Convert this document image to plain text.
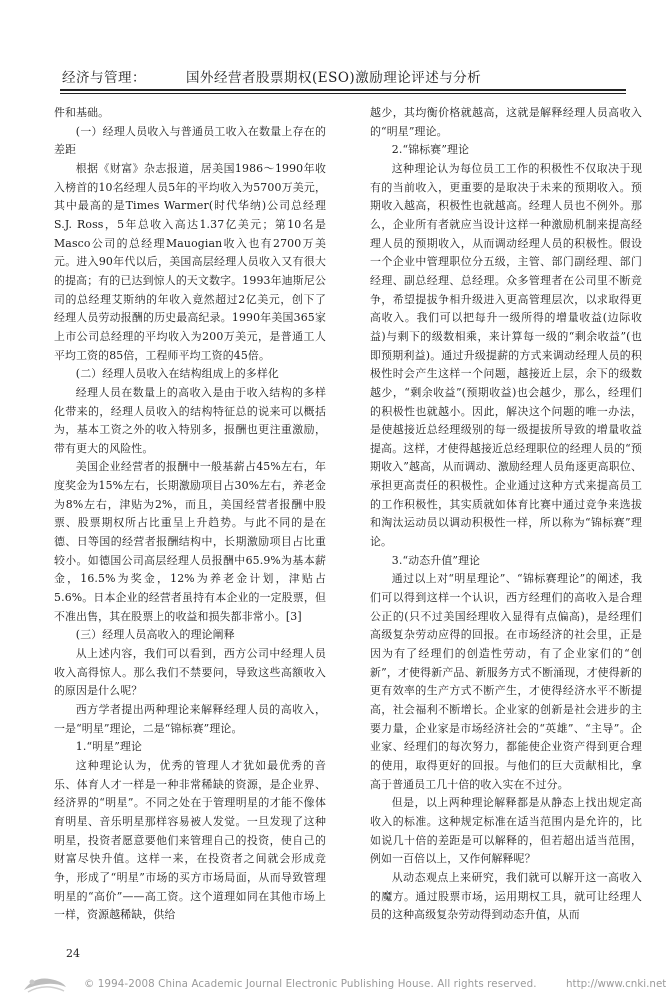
经济与管理：	国外经营者股票期权(ESO)激励理论评述与分析

件和基础。

(一）经理人员收入与普通员工收入在数量上存在的差距

根据《财富》杂志报道，居美国1986～1990年收入榜首的10名经理人员5年的平均收入为5700万美元，其中最高的是Times Warmer(时代华纳)公司总经理S.J. Ross，5年总收入高达1.37亿美元；第10名是Masco公司的总经理Mauogian收入也有2700万美元。进入90年代以后，美国高层经理人员收入又有很大的提高；有的已达到惊人的天文数字。1993年迪斯尼公司的总经理艾斯纳的年收入竟然超过2亿美元，创下了经理人员劳动报酬的历史最高纪录。1990年美国365家上市公司总经理的平均收入为200万美元，是普通工人平均工资的85倍，工程师平均工资的45倍。

(二）经理人员收入在结构组成上的多样化

经理人员在数量上的高收入是由于收入结构的多样化带来的，经理人员收入的结构特征总的说来可以概括为，基本工资之外的收入特别多，报酬也更注重激励，带有更大的风险性。

美国企业经营者的报酬中一般基薪占45%左右，年度奖金为15%左右，长期激励项目占30%左右，养老金为8%左右，津贴为2%，而且，美国经营者报酬中股票、股票期权所占比重呈上升趋势。与此不同的是在德、日等国的经营者报酬结构中，长期激励项目占比重较小。如德国公司高层经理人员报酬中65.9%为基本薪金，16.5%为奖金，12%为养老金计划，津贴占5.6%。日本企业的经营者虽持有本企业的一定股票，但不准出售，其在股票上的收益和损失都非常小。[3]

(三）经理人员高收入的理论阐释

从上述内容，我们可以看到，西方公司中经理人员收入高得惊人。那么我们不禁要问，导致这些高额收入的原因是什么呢？

西方学者提出两种理论来解释经理人员的高收入，一是“明星”理论，二是“锦标赛”理论。

1.“明星”理论

这种理论认为，优秀的管理人才犹如最优秀的音乐、体育人才一样是一种非常稀缺的资源，是企业界、经济界的“明星”。不同之处在于管理明星的才能不像体育明星、音乐明星那样容易被人发觉。一旦发现了这种明星，投资者愿意要他们来管理自己的投资，使自己的财富尽快升值。这样一来，在投资者之间就会形成竞争，形成了“明星”市场的买方市场局面，从而导致管理明星的“高价”——高工资。这个道理如同在其他市场上一样，资源越稀缺，供给

越少，其均衡价格就越高，这就是解释经理人员高收入的“明星”理论。

2.“锦标赛”理论

这种理论认为每位员工工作的积极性不仅取决于现有的当前收入，更重要的是取决于未来的预期收入。预期收入越高，积极性也就越高。经理人员也不例外。那么，企业所有者就应当设计这样一种激励机制来提高经理人员的预期收入，从而调动经理人员的积极性。假设一个企业中管理职位分五级，主管、部门副经理、部门经理、副总经理、总经理。众多管理者在公司里不断竞争，希望提拔争相升级进入更高管理层次，以求取得更高收入。我们可以把每升一级所得的增量收益(边际收益)与剩下的级数相乘，来计算每一级的“剩余收益”(也即预期利益)。通过升级提薪的方式来调动经理人员的积极性时会产生这样一个问题，越接近上层，余下的级数越少，“剩余收益”(预期收益)也会越少，那么，经理们的积极性也就越小。因此，解决这个问题的唯一办法，是使越接近总经理级别的每一级提拔所导致的增量收益提高。这样，才使得越接近总经理职位的经理人员的“预期收入”越高，从而调动、激励经理人员角逐更高职位、承担更高责任的积极性。企业通过这种方式来提高员工的工作积极性，其实质就如体育比赛中通过竞争来选拔和淘汰运动员以调动积极性一样，所以称为“锦标赛”理论。

3.“动态升值”理论

通过以上对“明星理论”、“锦标赛理论”的阐述，我们可以得到这样一个认识，西方经理们的高收入是合理公正的(只不过美国经理收入显得有点偏高)，是经理们高级复杂劳动应得的回报。在市场经济的社会里，正是因为有了经理们的创造性劳动，有了企业家们的“创新”，才使得新产品、新服务方式不断涌现，才使得新的更有效率的生产方式不断产生，才使得经济水平不断提高，社会福利不断增长。企业家的创新是社会进步的主要力量，企业家是市场经济社会的“英雄”、“主导”。企业家、经理们的每次努力，都能使企业资产得到更合理的使用，取得更好的回报。与他们的巨大贡献相比，拿高于普通员工几十倍的收入实在不过分。

但是，以上两种理论解释都是从静态上找出规定高收入的标准。这种规定标准在适当范围内是允许的，比如说几十倍的差距是可以解释的，但若超出适当范围，例如一百倍以上，又作何解释呢？

从动态观点上来研究，我们就可以解开这一高收入的魔方。通过股票市场，运用期权工具，就可让经理人员的这种高级复杂劳动得到动态升值，从而

24
© 1994-2008 China Academic Journal Electronic Publishing House. All rights reserved.	http://www.cnki.net
